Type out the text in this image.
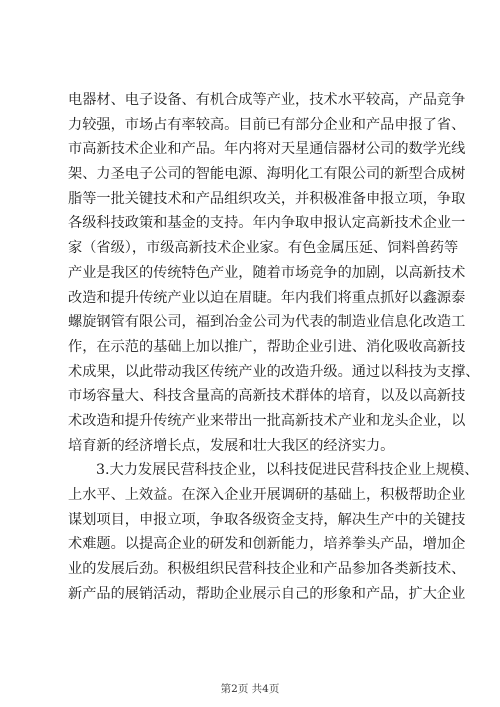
电器材、电子设备、有机合成等产业，技术水平较高，产品竞争
力较强，市场占有率较高。目前已有部分企业和产品申报了省、
市高新技术企业和产品。年内将对天星通信器材公司的数学光线
架、力圣电子公司的智能电源、海明化工有限公司的新型合成树
脂等一批关键技术和产品组织攻关，并积极准备申报立项，争取
各级科技政策和基金的支持。年内争取申报认定高新技术企业一
家（省级），市级高新技术企业家。有色金属压延、饲料兽药等
产业是我区的传统特色产业，随着市场竞争的加剧，以高新技术
改造和提升传统产业以迫在眉睫。年内我们将重点抓好以鑫源泰
螺旋钢管有限公司，福到冶金公司为代表的制造业信息化改造工
作，在示范的基础上加以推广，帮助企业引进、消化吸收高新技
术成果，以此带动我区传统产业的改造升级。通过以科技为支撑、
市场容量大、科技含量高的高新技术群体的培育，以及以高新技
术改造和提升传统产业来带出一批高新技术产业和龙头企业，以
培育新的经济增长点，发展和壮大我区的经济实力。
3.大力发展民营科技企业，以科技促进民营科技企业上规模、
上水平、上效益。在深入企业开展调研的基础上，积极帮助企业
谋划项目，申报立项，争取各级资金支持，解决生产中的关键技
术难题。以提高企业的研发和创新能力，培养拳头产品，增加企
业的发展后劲。积极组织民营科技企业和产品参加各类新技术、
新产品的展销活动，帮助企业展示自己的形象和产品，扩大企业
第2页 共4页
